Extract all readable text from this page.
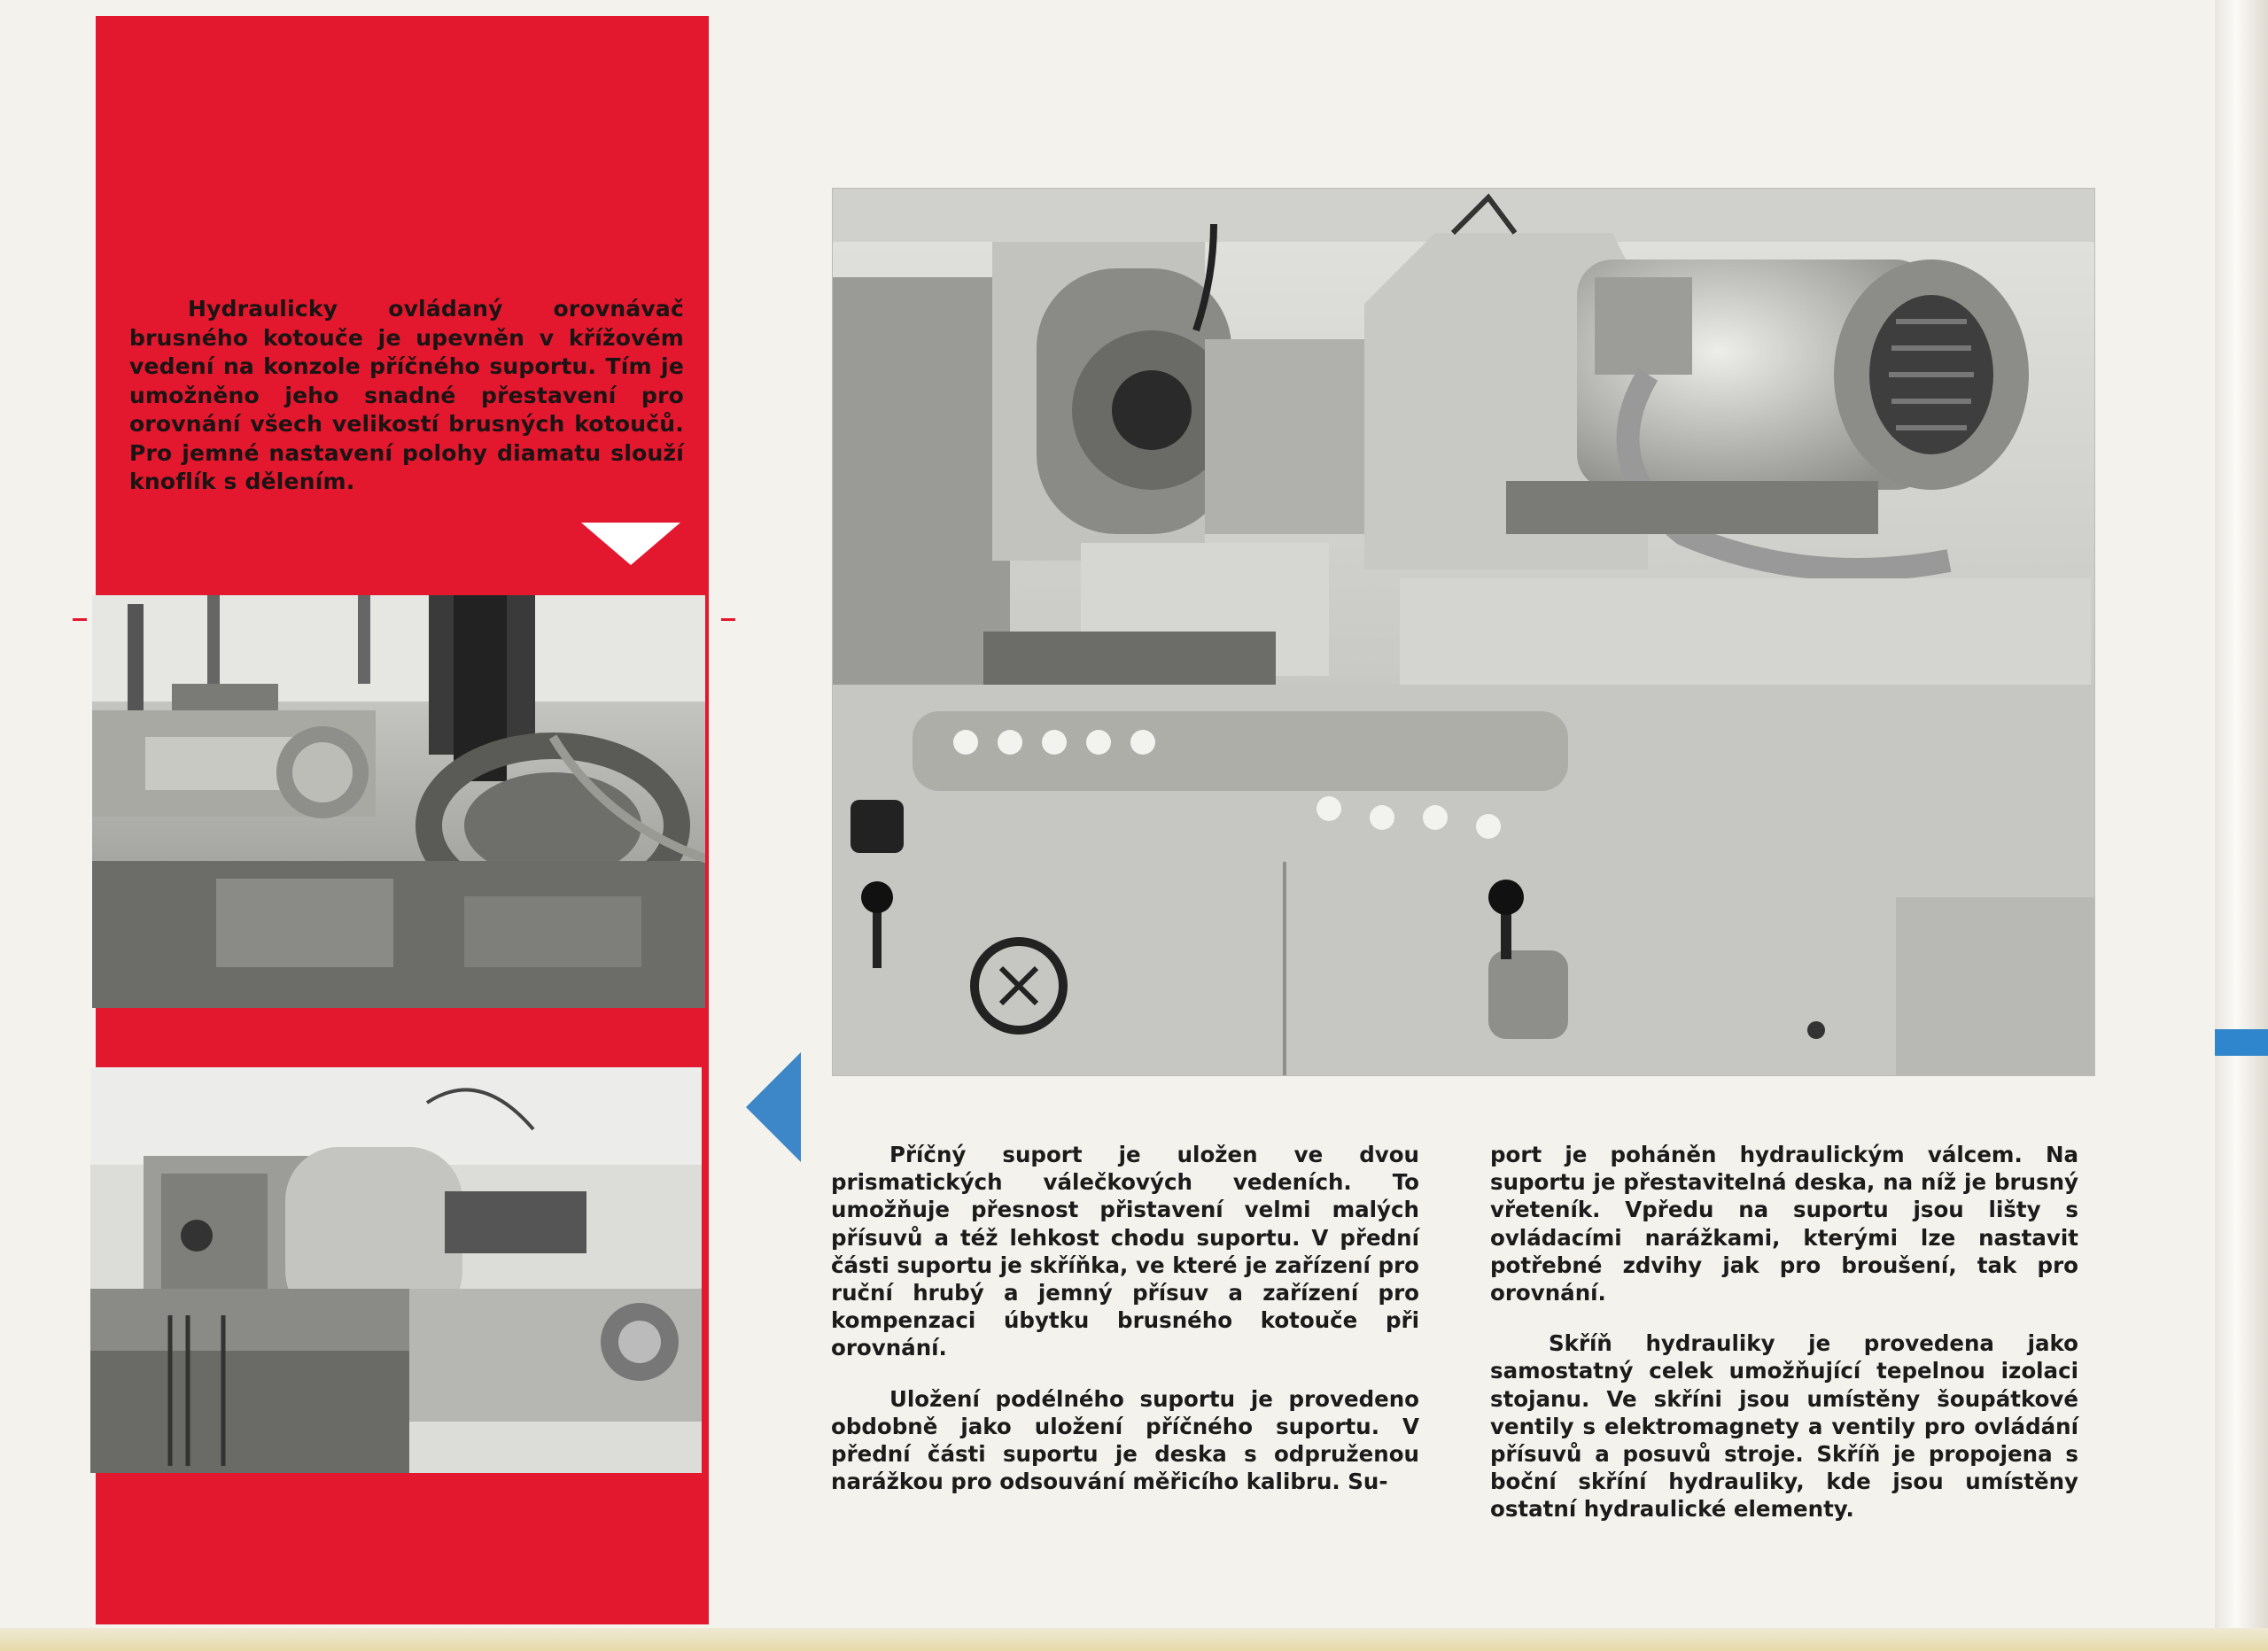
Hydraulicky ovládaný orovnávač brusného kotouče je upevněn v křížovém vedení na konzole příčného suportu. Tím je umožněno jeho snadné přestavení pro orovnání všech velikostí brusných kotoučů. Pro jemné nastavení polohy diamatu slouží knoflík s dělením.

Příčný suport je uložen ve dvou prismatických válečkových vedeních. To umožňuje přesnost přistavení velmi malých přísuvů a též lehkost chodu suportu. V přední části suportu je skříňka, ve které je zařízení pro ruční hrubý a jemný přísuv a zařízení pro kompenzaci úbytku brusného kotouče při orovnání.

Uložení podélného suportu je provedeno obdobně jako uložení příčného suportu. V přední části suportu je deska s odpruženou narážkou pro odsouvání měřicího kalibru. Su-

port je poháněn hydraulickým válcem. Na suportu je přestavitelná deska, na níž je brusný vřeteník. Vpředu na suportu jsou lišty s ovládacími narážkami, kterými lze nastavit potřebné zdvihy jak pro broušení, tak pro orovnání.

Skříň hydrauliky je provedena jako samostatný celek umožňující tepelnou izolaci stojanu. Ve skříni jsou umístěny šoupátkové ventily s elektromagnety a ventily pro ovládání přísuvů a posuvů stroje. Skříň je propojena s boční skříní hydrauliky, kde jsou umístěny ostatní hydraulické elementy.
